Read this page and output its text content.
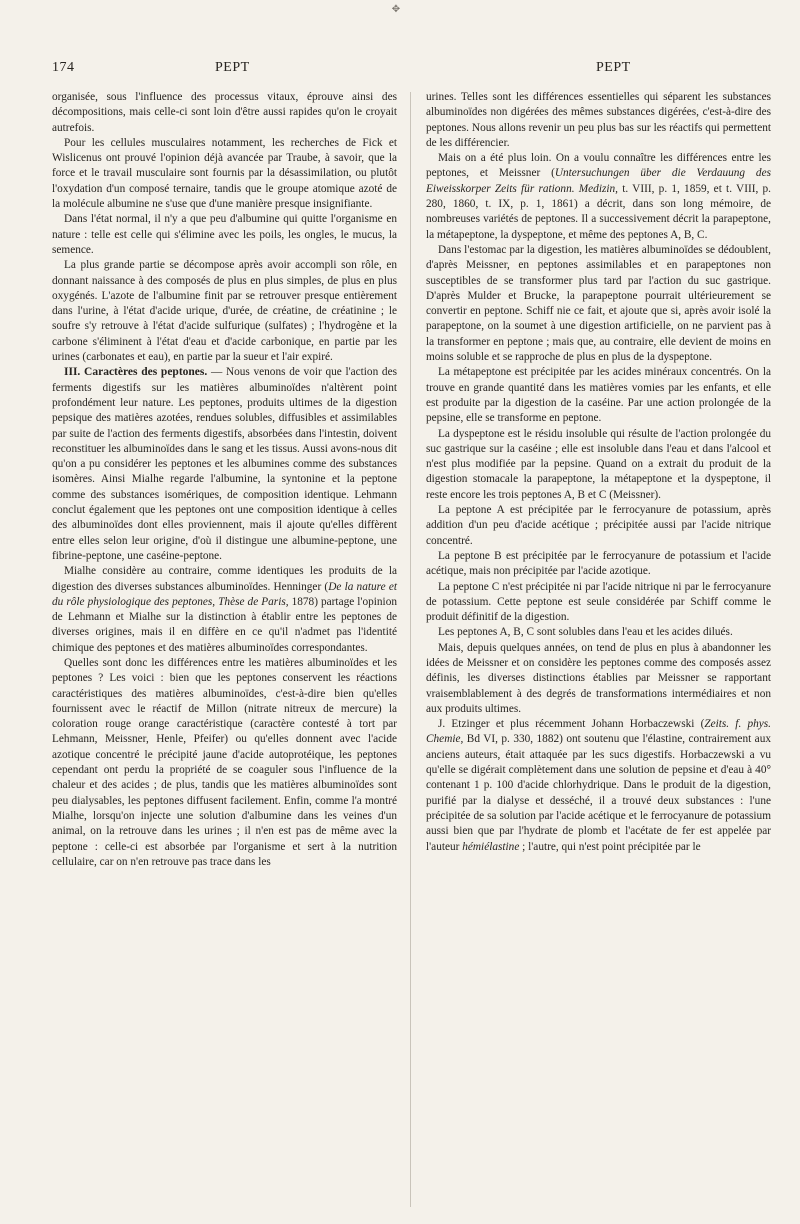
✥
174	PEPT	PEPT

organisée, sous l'influence des processus vitaux, éprouve ainsi des décompositions, mais celle-ci sont loin d'être aussi rapides qu'on le croyait autrefois.

Pour les cellules musculaires notamment, les recherches de Fick et Wislicenus ont prouvé l'opinion déjà avancée par Traube, à savoir, que la force et le travail musculaire sont fournis par la désassimilation, ou plutôt l'oxydation d'un composé ternaire, tandis que le groupe atomique azoté de la molécule albumine ne s'use que d'une manière presque insignifiante.

Dans l'état normal, il n'y a que peu d'albumine qui quitte l'organisme en nature : telle est celle qui s'élimine avec les poils, les ongles, le mucus, la semence.

La plus grande partie se décompose après avoir accompli son rôle, en donnant naissance à des composés de plus en plus simples, de plus en plus oxygénés. L'azote de l'albumine finit par se retrouver presque entièrement dans l'urine, à l'état d'acide urique, d'urée, de créatine, de créatinine ; le soufre s'y retrouve à l'état d'acide sulfurique (sulfates) ; l'hydrogène et la carbone s'éliminent à l'état d'eau et d'acide carbonique, en partie par les urines (carbonates et eau), en partie par la sueur et l'air expiré.

III. Caractères des peptones. — Nous venons de voir que l'action des ferments digestifs sur les matières albuminoïdes n'altèrent point profondément leur nature. Les peptones, produits ultimes de la digestion pepsique des matières azotées, rendues solubles, diffusibles et assimilables par suite de l'action des ferments digestifs, absorbées dans l'intestin, doivent reconstituer les albuminoïdes dans le sang et les tissus. Aussi avons-nous dit qu'on a pu considérer les peptones et les albumines comme des substances isomères. Ainsi Mialhe regarde l'albumine, la syntonine et la peptone comme des substances isomériques, de composition identique. Lehmann conclut également que les peptones ont une composition identique à celles des albuminoïdes dont elles proviennent, mais il ajoute qu'elles diffèrent entre elles selon leur origine, d'où il distingue une albumine-peptone, une fibrine-peptone, une caséine-peptone.

Mialhe considère au contraire, comme identiques les produits de la digestion des diverses substances albuminoïdes. Henninger (De la nature et du rôle physiologique des peptones, Thèse de Paris, 1878) partage l'opinion de Lehmann et Mialhe sur la distinction à établir entre les peptones de diverses origines, mais il en diffère en ce qu'il n'admet pas l'identité chimique des peptones et des matières albuminoïdes correspondantes.

Quelles sont donc les différences entre les matières albuminoïdes et les peptones ? Les voici : bien que les peptones conservent les réactions caractéristiques des matières albuminoïdes, c'est-à-dire bien qu'elles fournissent avec le réactif de Millon (nitrate nitreux de mercure) la coloration rouge orange caractéristique (caractère contesté à tort par Lehmann, Meissner, Henle, Pfeifer) ou qu'elles donnent avec l'acide azotique concentré le précipité jaune d'acide autoprotéique, les peptones cependant ont perdu la propriété de se coaguler sous l'influence de la chaleur et des acides ; de plus, tandis que les matières albuminoïdes sont peu dialysables, les peptones diffusent facilement. Enfin, comme l'a montré Mialhe, lorsqu'on injecte une solution d'albumine dans les veines d'un animal, on la retrouve dans les urines ; il n'en est pas de même avec la peptone : celle-ci est absorbée par l'organisme et sert à la nutrition cellulaire, car on n'en retrouve pas trace dans les

urines. Telles sont les différences essentielles qui séparent les substances albuminoïdes non digérées des mêmes substances digérées, c'est-à-dire des peptones. Nous allons revenir un peu plus bas sur les réactifs qui permettent de les différencier.

Mais on a été plus loin. On a voulu connaître les différences entre les peptones, et Meissner (Untersuchungen über die Verdauung des Eiweisskorper Zeits für rationn. Medizin, t. VIII, p. 1, 1859, et t. VIII, p. 280, 1860, t. IX, p. 1, 1861) a décrit, dans son long mémoire, de nombreuses variétés de peptones. Il a successivement décrit la parapeptone, la métapeptone, la dyspeptone, et même des peptones A, B, C.

Dans l'estomac par la digestion, les matières albuminoïdes se dédoublent, d'après Meissner, en peptones assimilables et en parapeptones non susceptibles de se transformer plus tard par l'action du suc gastrique. D'après Mulder et Brucke, la parapeptone pourrait ultérieurement se convertir en peptone. Schiff nie ce fait, et ajoute que si, après avoir isolé la parapeptone, on la soumet à une digestion artificielle, on ne parvient pas à la transformer en peptone ; mais que, au contraire, elle devient de moins en moins soluble et se rapproche de plus en plus de la dyspeptone.

La métapeptone est précipitée par les acides minéraux concentrés. On la trouve en grande quantité dans les matières vomies par les enfants, et elle est produite par la digestion de la caséine. Par une action prolongée de la pepsine, elle se transforme en peptone.

La dyspeptone est le résidu insoluble qui résulte de l'action prolongée du suc gastrique sur la caséine ; elle est insoluble dans l'eau et dans l'alcool et n'est plus modifiée par la pepsine. Quand on a extrait du produit de la digestion stomacale la parapeptone, la métapeptone et la dyspeptone, il reste encore les trois peptones A, B et C (Meissner).

La peptone A est précipitée par le ferrocyanure de potassium, après addition d'un peu d'acide acétique ; précipitée aussi par l'acide nitrique concentré.

La peptone B est précipitée par le ferrocyanure de potassium et l'acide acétique, mais non précipitée par l'acide azotique.

La peptone C n'est précipitée ni par l'acide nitrique ni par le ferrocyanure de potassium. Cette peptone est seule considérée par Schiff comme le produit définitif de la digestion.

Les peptones A, B, C sont solubles dans l'eau et les acides dilués.

Mais, depuis quelques années, on tend de plus en plus à abandonner les idées de Meissner et on considère les peptones comme des composés assez définis, les diverses distinctions établies par Meissner se rapportant vraisemblablement à des degrés de transformations intermédiaires et non aux produits ultimes.

J. Etzinger et plus récemment Johann Horbaczewski (Zeits. f. phys. Chemie, Bd VI, p. 330, 1882) ont soutenu que l'élastine, contrairement aux anciens auteurs, était attaquée par les sucs digestifs. Horbaczewski a vu qu'elle se digérait complètement dans une solution de pepsine et d'eau à 40° contenant 1 p. 100 d'acide chlorhydrique. Dans le produit de la digestion, purifié par la dialyse et desséché, il a trouvé deux substances : l'une précipitée de sa solution par l'acide acétique et le ferrocyanure de potassium aussi bien que par l'hydrate de plomb et l'acétate de fer est appelée par l'auteur hémiélastine ; l'autre, qui n'est point précipitée par le
